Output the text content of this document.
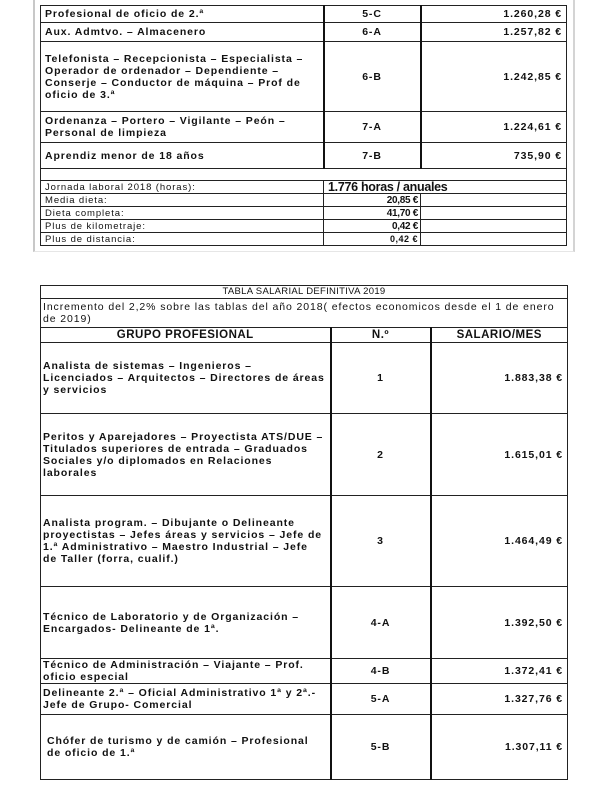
Profesional de oficio de 2.ª	5-C	1.260,28 €
Aux. Admtvo. – Almacenero	6-A	1.257,82 €
Telefonista – Recepcionista – Especialista – Operador de ordenador – Dependiente – Conserje – Conductor de máquina – Prof de oficio de 3.ª	6-B	1.242,85 €
Ordenanza – Portero – Vigilante – Peón – Personal de limpieza	7-A	1.224,61 €
Aprendiz menor de 18 años	7-B	735,90 €

Jornada laboral 2018 (horas):	1.776 horas / anuales	
Media dieta:	20,85 €	
Dieta completa:	41,70 €	
Plus de kilometraje:	0,42 €	
Plus de distancia:	0,42 €	
TABLA SALARIAL DEFINITIVA 2019		
Incremento del 2,2% sobre las tablas del año 2018( efectos economicos desde el 1 de enero de 2019)		
GRUPO PROFESIONAL	N.º	SALARIO/MES
Analista de sistemas – Ingenieros – Licenciados – Arquitectos – Directores de áreas y servicios	1	1.883,38 €
Peritos y Aparejadores – Proyectista ATS/DUE – Titulados superiores de entrada – Graduados Sociales y/o diplomados en Relaciones laborales	2	1.615,01 €
Analista program. – Dibujante o Delineante proyectistas – Jefes áreas y servicios – Jefe de 1.ª Administrativo – Maestro Industrial – Jefe de Taller (forra, cualif.)	3	1.464,49 €
Técnico de Laboratorio y de Organización – Encargados- Delineante de 1ª.	4-A	1.392,50 €
Técnico de Administración – Viajante – Prof. oficio especial	4-B	1.372,41 €
Delineante 2.ª – Oficial Administrativo 1ª y 2ª.-Jefe de Grupo- Comercial	5-A	1.327,76 €
Chófer de turismo y de camión – Profesional de oficio de 1.ª	5-B	1.307,11 €
